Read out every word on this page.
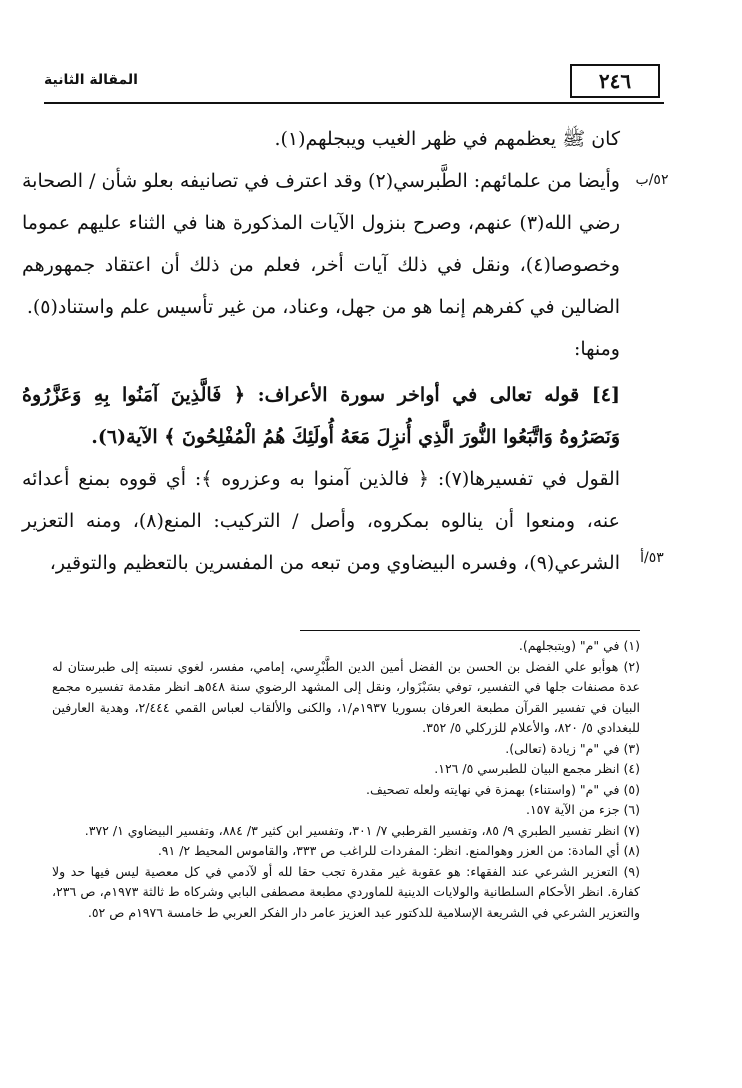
٢٤٦
المقالة الثانية
٥٢/ب
٥٣/أ

كان ﷺ يعظمهم في ظهر الغيب ويبجلهم(١).

وأيضا من علمائهم: الطَّبرسي(٢) وقد اعترف في تصانيفه بعلو شأن / الصحابة رضي الله(٣) عنهم، وصرح بنزول الآيات المذكورة هنا في الثناء عليهم عموما وخصوصا(٤)، ونقل في ذلك آيات أخر، فعلم من ذلك أن اعتقاد جمهورهم الضالين في كفرهم إنما هو من جهل، وعناد، من غير تأسيس علم واستناد(٥).

ومنها:

[٤] قوله تعالى في أواخر سورة الأعراف: ﴿ فَالَّذِينَ آمَنُوا بِهِ وَعَزَّرُوهُ وَنَصَرُوهُ وَاتَّبَعُوا النُّورَ الَّذِي أُنزِلَ مَعَهُ أُولَئِكَ هُمُ الْمُفْلِحُونَ ﴾ الآية(٦).

القول في تفسيرها(٧): ﴿ فالذين آمنوا به وعزروه ﴾: أي قووه بمنع أعدائه عنه، ومنعوا أن ينالوه بمكروه، وأصل / التركيب: المنع(٨)، ومنه التعزير الشرعي(٩)، وفسره البيضاوي ومن تبعه من المفسرين بالتعظيم والتوقير،

(١) في "م" (ويتبجلهم).

(٢) هوأبو علي الفضل بن الحسن بن الفضل أمين الدين الطَّبْرِسي، إمامي، مفسر، لغوي نسبته إلى طبرستان له عدة مصنفات جلها في التفسير، توفي بسَبْزَوار، ونقل إلى المشهد الرضوي سنة ٥٤٨هـ انظر مقدمة تفسيره مجمع البيان في تفسير القرآن مطبعة العرفان بسوريا ١٩٣٧م/١، والكنى والألقاب لعباس القمي ٢/٤٤٤، وهدية العارفين للبغدادي ٥/ ٨٢٠، والأعلام للزركلي ٥/ ٣٥٢.

(٣) في "م" زيادة (تعالى).

(٤) انظر مجمع البيان للطبرسي ٥/ ١٢٦.

(٥) في "م" (واستناء) بهمزة في نهايته ولعله تصحيف.

(٦) جزء من الآية ١٥٧.

(٧) انظر تفسير الطبري ٩/ ٨٥، وتفسير القرطبي ٧/ ٣٠١، وتفسير ابن كثير ٣/ ٨٨٤، وتفسير البيضاوي ١/ ٣٧٢.

(٨) أي المادة: من العزر وهوالمنع. انظر: المفردات للراغب ص ٣٣٣، والقاموس المحيط ٢/ ٩١.

(٩) التعزير الشرعي عند الفقهاء: هو عقوبة غير مقدرة تجب حقا لله أو لآدمي في كل معصية ليس فيها حد ولا كفارة. انظر الأحكام السلطانية والولايات الدينية للماوردي مطبعة مصطفى البابي وشركاه ط ثالثة ١٩٧٣م، ص ٢٣٦، والتعزير الشرعي في الشريعة الإسلامية للدكتور عبد العزيز عامر دار الفكر العربي ط خامسة ١٩٧٦م ص ٥٢.
